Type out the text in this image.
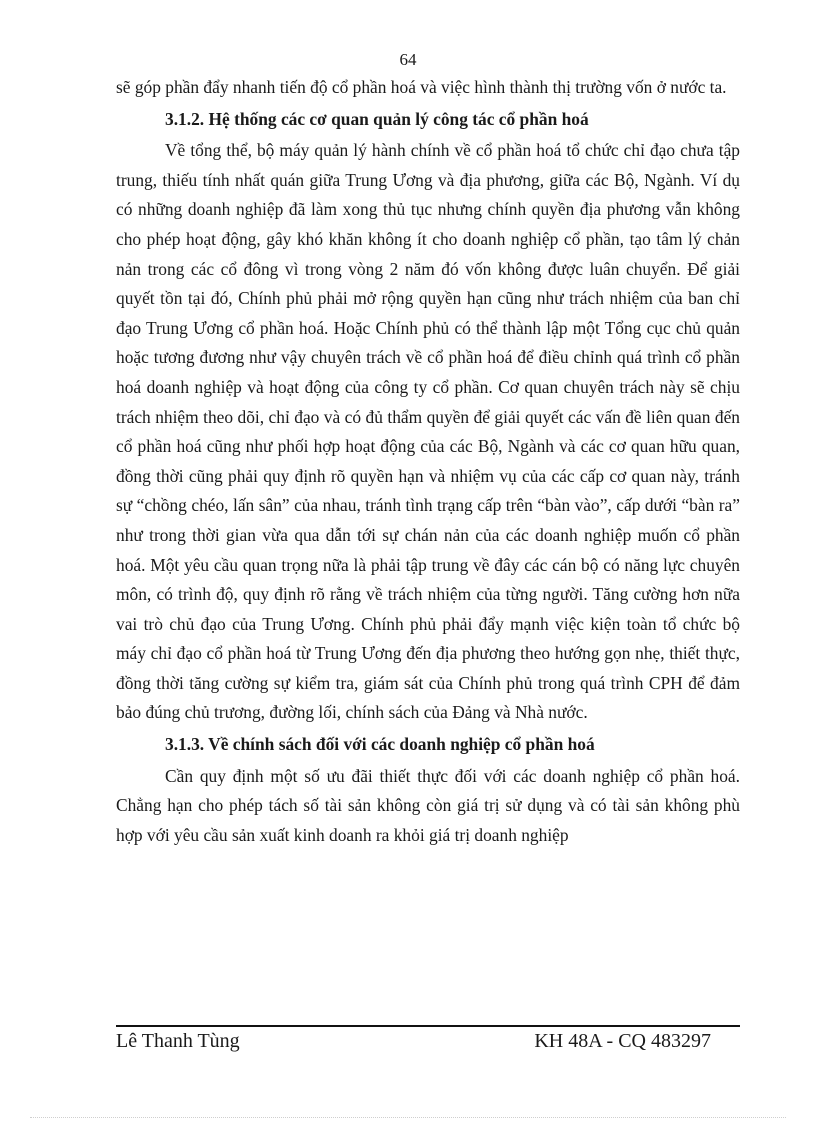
64

sẽ góp phần đẩy nhanh tiến độ cổ phần hoá và việc hình thành thị trường vốn ở nước ta.

3.1.2. Hệ thống các cơ quan quản lý công tác cổ phần hoá

Về tổng thể, bộ máy quản lý hành chính về cổ phần hoá tổ chức chỉ đạo chưa tập trung, thiếu tính nhất quán giữa Trung Ương và địa phương, giữa các Bộ, Ngành. Ví dụ có những doanh nghiệp đã làm xong thủ tục nhưng chính quyền địa phương vẫn không cho phép hoạt động, gây khó khăn không ít cho doanh nghiệp cổ phần, tạo tâm lý chản nản trong các cổ đông vì trong vòng 2 năm đó vốn không được luân chuyển. Để giải quyết tồn tại đó, Chính phủ phải mở rộng quyền hạn cũng như trách nhiệm của ban chỉ đạo Trung Ương cổ phần hoá. Hoặc Chính phủ có thể thành lập một Tổng cục chủ quản hoặc tương đương như vậy chuyên trách về cổ phần hoá để điều chỉnh quá trình cổ phần hoá doanh nghiệp và hoạt động của công ty cổ phần. Cơ quan chuyên trách này sẽ chịu trách nhiệm theo dõi, chỉ đạo và có đủ thẩm quyền để giải quyết các vấn đề liên quan đến cổ phần hoá cũng như phối hợp hoạt động của các Bộ, Ngành và các cơ quan hữu quan, đồng thời cũng phải quy định rõ quyền hạn và nhiệm vụ của các cấp cơ quan này, tránh sự “chồng chéo, lấn sân” của nhau, tránh tình trạng cấp trên “bàn vào”, cấp dưới “bàn ra” như trong thời gian vừa qua dẫn tới sự chán nản của các doanh nghiệp muốn cổ phần hoá. Một yêu cầu quan trọng nữa là phải tập trung về đây các cán bộ có năng lực chuyên môn, có trình độ, quy định rõ rằng về trách nhiệm của từng người. Tăng cường hơn nữa vai trò chủ đạo của Trung Ương. Chính phủ phải đẩy mạnh việc kiện toàn tổ chức bộ máy chỉ đạo cổ phần hoá từ Trung Ương đến địa phương theo hướng gọn nhẹ, thiết thực, đồng thời tăng cường sự kiểm tra, giám sát của Chính phủ trong quá trình CPH để đảm bảo đúng chủ trương, đường lối, chính sách của Đảng và Nhà nước.

3.1.3. Về chính sách đối với các doanh nghiệp cổ phần hoá

Cần quy định một số ưu đãi thiết thực đối với các doanh nghiệp cổ phần hoá. Chẳng hạn cho phép tách số tài sản không còn giá trị sử dụng và có tài sản không phù hợp với yêu cầu sản xuất kinh doanh ra khỏi giá trị doanh nghiệp

Lê Thanh Tùng	KH 48A - CQ 483297
